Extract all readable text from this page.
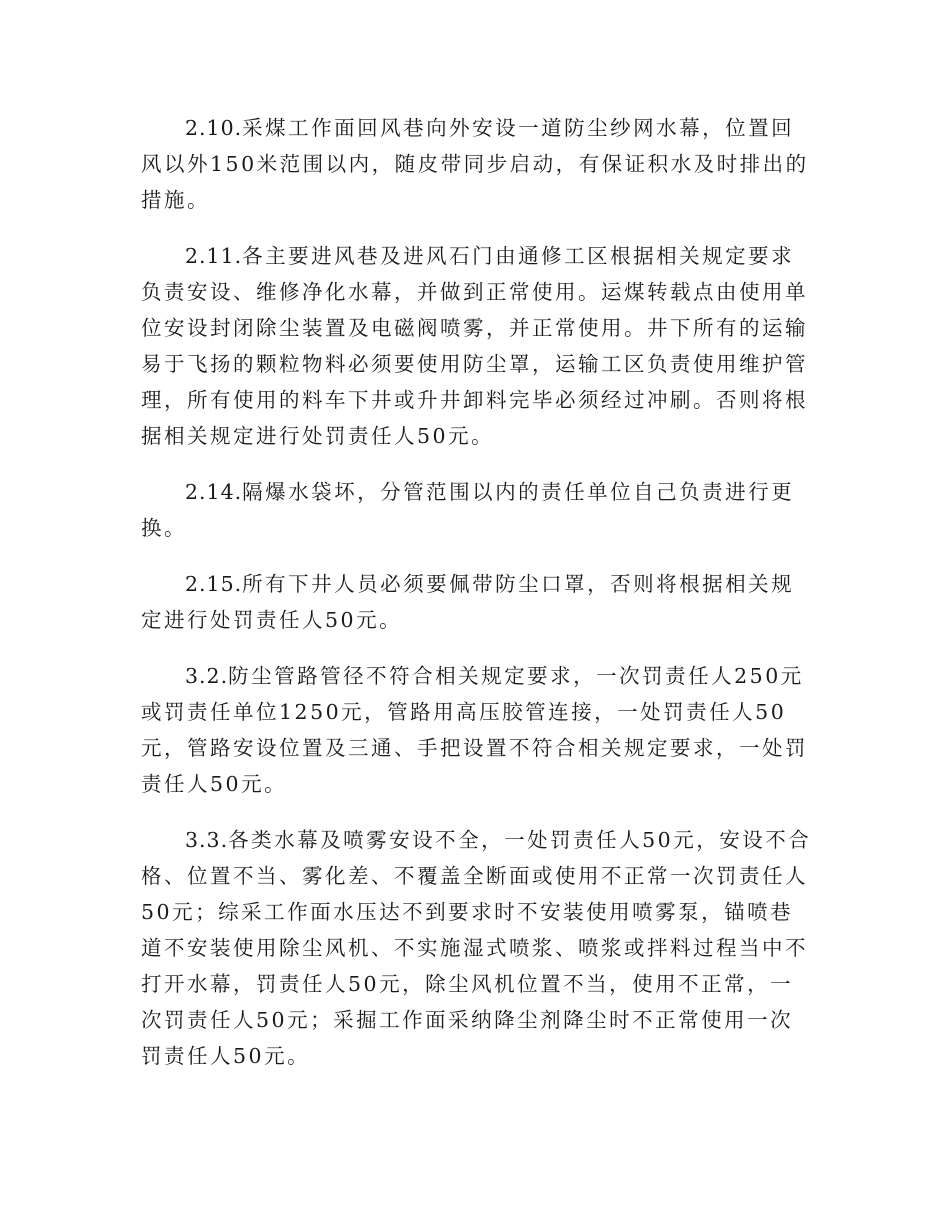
2.10.采煤工作面回风巷向外安设一道防尘纱网水幕，位置回风以外150米范围以内，随皮带同步启动，有保证积水及时排出的措施。

2.11.各主要进风巷及进风石门由通修工区根据相关规定要求负责安设、维修净化水幕，并做到正常使用。运煤转载点由使用单位安设封闭除尘装置及电磁阀喷雾，并正常使用。井下所有的运输易于飞扬的颗粒物料必须要使用防尘罩，运输工区负责使用维护管理，所有使用的料车下井或升井卸料完毕必须经过冲刷。否则将根据相关规定进行处罚责任人50元。

2.14.隔爆水袋坏，分管范围以内的责任单位自己负责进行更换。

2.15.所有下井人员必须要佩带防尘口罩，否则将根据相关规定进行处罚责任人50元。

3.2.防尘管路管径不符合相关规定要求，一次罚责任人250元或罚责任单位1250元，管路用高压胶管连接，一处罚责任人50元，管路安设位置及三通、手把设置不符合相关规定要求，一处罚责任人50元。

3.3.各类水幕及喷雾安设不全，一处罚责任人50元，安设不合格、位置不当、雾化差、不覆盖全断面或使用不正常一次罚责任人50元；综采工作面水压达不到要求时不安装使用喷雾泵，锚喷巷道不安装使用除尘风机、不实施湿式喷浆、喷浆或拌料过程当中不打开水幕，罚责任人50元，除尘风机位置不当，使用不正常，一次罚责任人50元；采掘工作面采纳降尘剂降尘时不正常使用一次罚责任人50元。
